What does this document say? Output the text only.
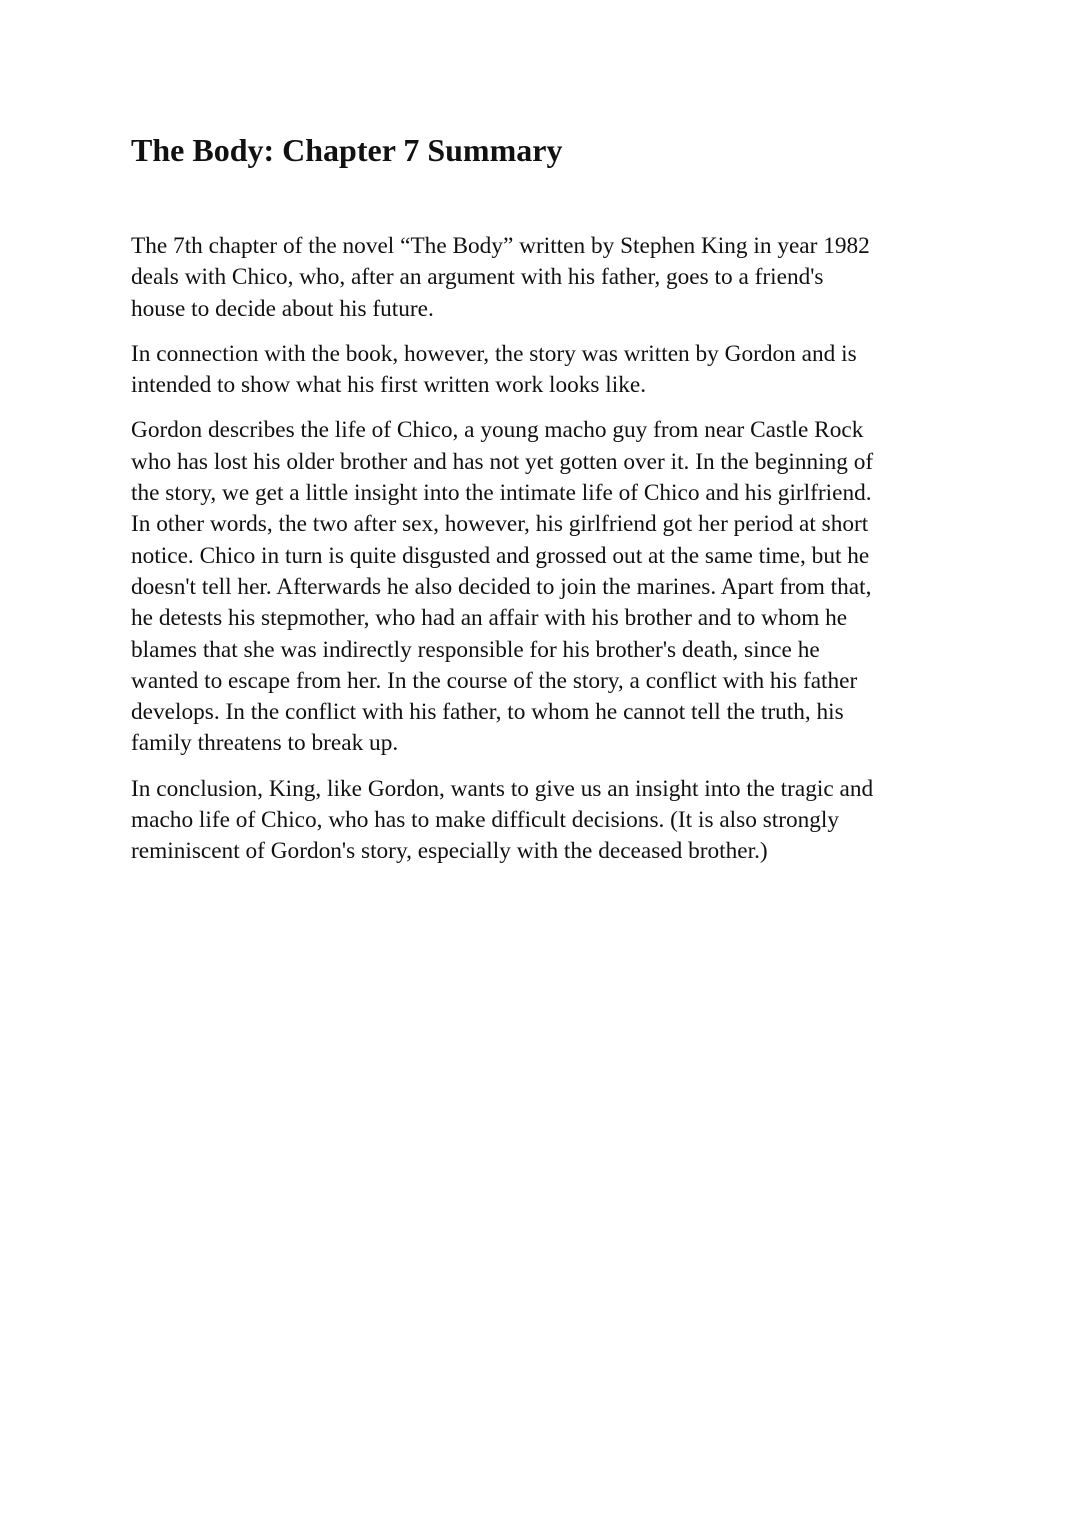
The Body: Chapter 7 Summary

The 7th chapter of the novel “The Body” written by Stephen King in year 1982
deals with Chico, who, after an argument with his father, goes to a friend's
house to decide about his future.

In connection with the book, however, the story was written by Gordon and is
intended to show what his first written work looks like.

Gordon describes the life of Chico, a young macho guy from near Castle Rock
who has lost his older brother and has not yet gotten over it. In the beginning of
the story, we get a little insight into the intimate life of Chico and his girlfriend.
In other words, the two after sex, however, his girlfriend got her period at short
notice. Chico in turn is quite disgusted and grossed out at the same time, but he
doesn't tell her. Afterwards he also decided to join the marines. Apart from that,
he detests his stepmother, who had an affair with his brother and to whom he
blames that she was indirectly responsible for his brother's death, since he
wanted to escape from her. In the course of the story, a conflict with his father
develops. In the conflict with his father, to whom he cannot tell the truth, his
family threatens to break up.

In conclusion, King, like Gordon, wants to give us an insight into the tragic and
macho life of Chico, who has to make difficult decisions. (It is also strongly
reminiscent of Gordon's story, especially with the deceased brother.)
